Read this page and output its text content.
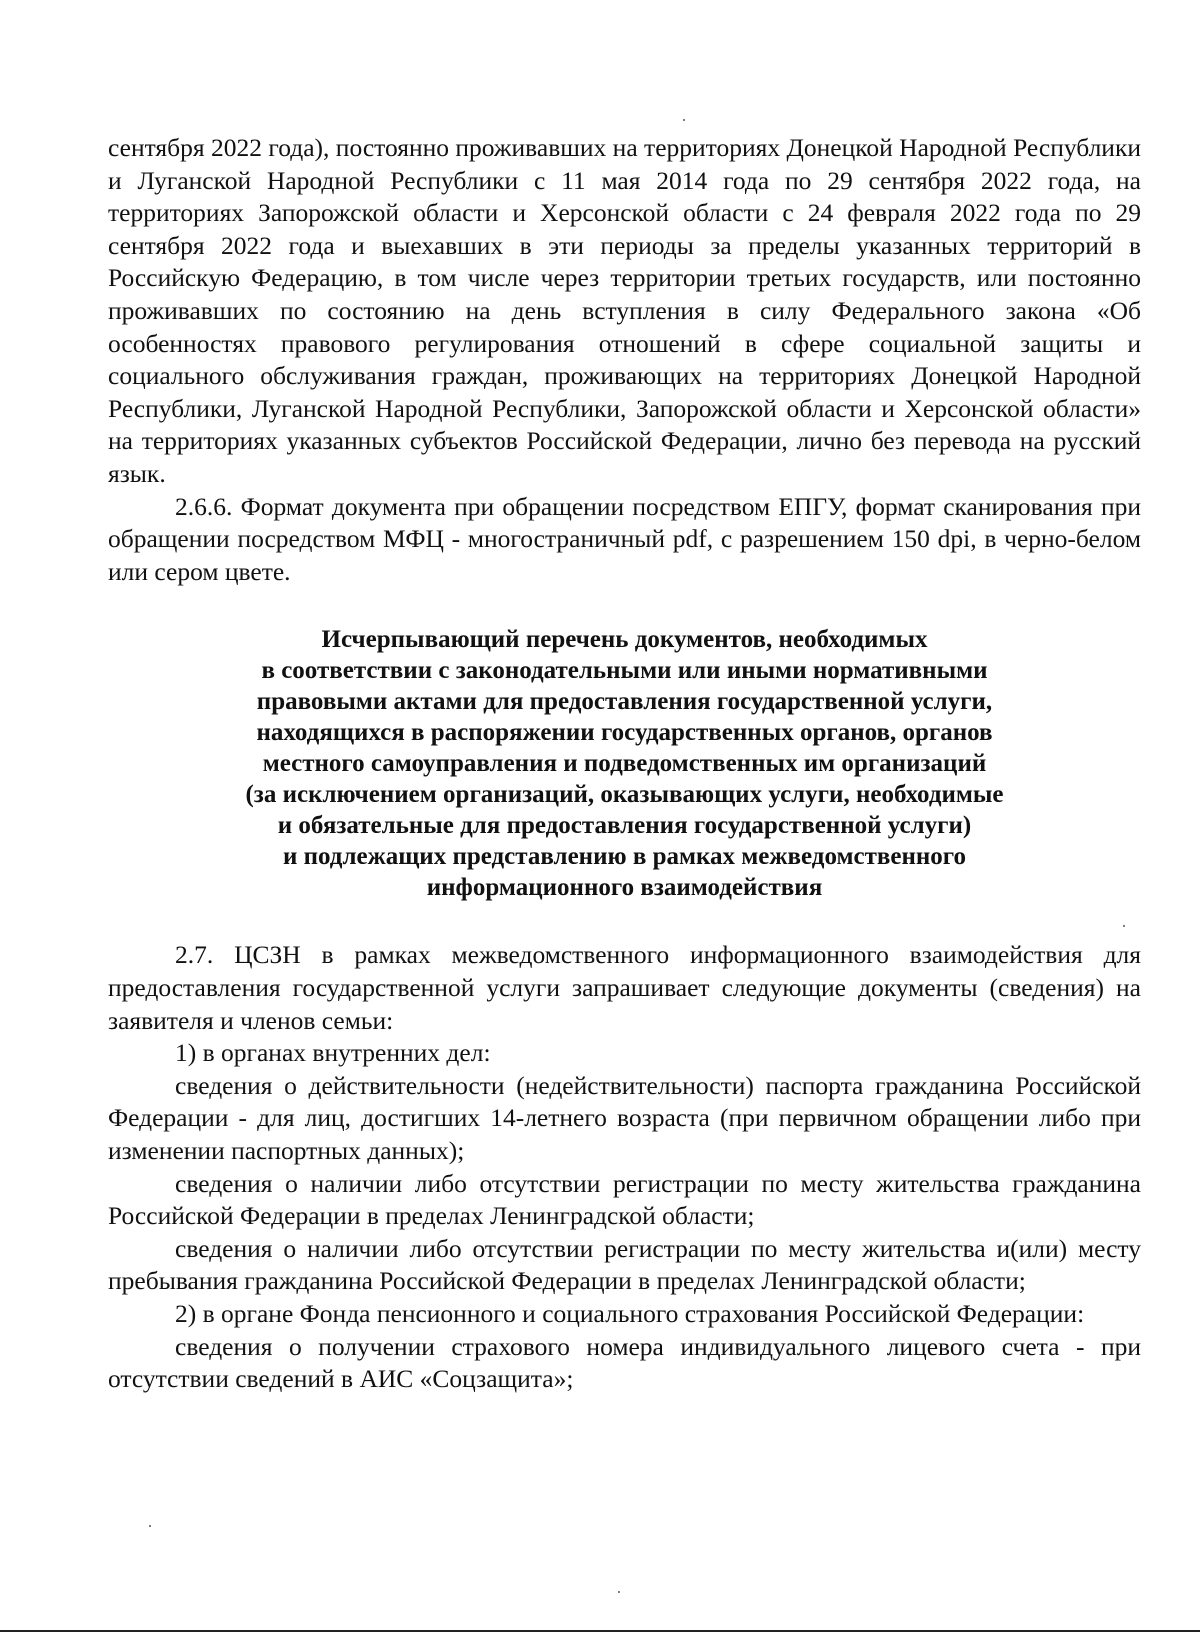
сентября 2022 года), постоянно проживавших на территориях Донецкой Народной Республики и Луганской Народной Республики с 11 мая 2014 года по 29 сентября 2022 года, на территориях Запорожской области и Херсонской области с 24 февраля 2022 года по 29 сентября 2022 года и выехавших в эти периоды за пределы указанных территорий в Российскую Федерацию, в том числе через территории третьих государств, или постоянно проживавших по состоянию на день вступления в силу Федерального закона «Об особенностях правового регулирования отношений в сфере социальной защиты и социального обслуживания граждан, проживающих на территориях Донецкой Народной Республики, Луганской Народной Республики, Запорожской области и Херсонской области» на территориях указанных субъектов Российской Федерации, лично без перевода на русский язык.

2.6.6. Формат документа при обращении посредством ЕПГУ, формат сканирования при обращении посредством МФЦ - многостраничный pdf, с разрешением 150 dpi, в черно-белом или сером цвете.

Исчерпывающий перечень документов, необходимых
в соответствии с законодательными или иными нормативными
правовыми актами для предоставления государственной услуги,
находящихся в распоряжении государственных органов, органов
местного самоуправления и подведомственных им организаций
(за исключением организаций, оказывающих услуги, необходимые
и обязательные для предоставления государственной услуги)
и подлежащих представлению в рамках межведомственного
информационного взаимодействия

2.7. ЦСЗН в рамках межведомственного информационного взаимодействия для предоставления государственной услуги запрашивает следующие документы (сведения) на заявителя и членов семьи:

1) в органах внутренних дел:

сведения о действительности (недействительности) паспорта гражданина Российской Федерации - для лиц, достигших 14-летнего возраста (при первичном обращении либо при изменении паспортных данных);

сведения о наличии либо отсутствии регистрации по месту жительства гражданина Российской Федерации в пределах Ленинградской области;

сведения о наличии либо отсутствии регистрации по месту жительства и(или) месту пребывания гражданина Российской Федерации в пределах Ленинградской области;

2) в органе Фонда пенсионного и социального страхования Российской Федерации:

сведения о получении страхового номера индивидуального лицевого счета - при отсутствии сведений в АИС «Соцзащита»;
